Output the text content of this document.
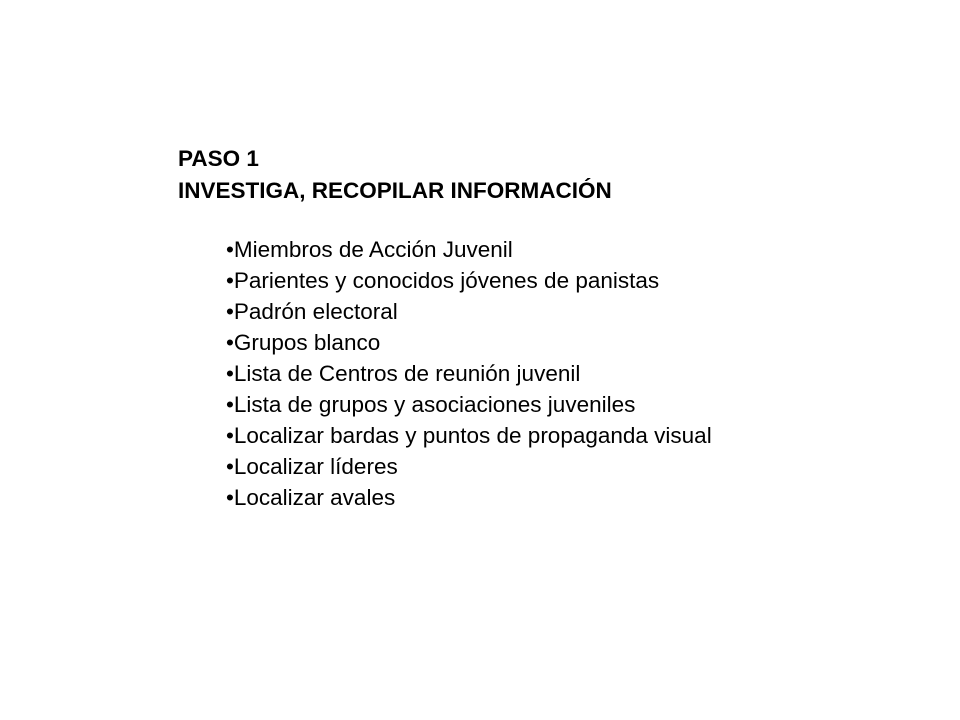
PASO 1
INVESTIGA, RECOPILAR INFORMACIÓN
•Miembros de Acción Juvenil
•Parientes y conocidos jóvenes de panistas
•Padrón electoral
•Grupos blanco
•Lista de Centros de reunión juvenil
•Lista de grupos y asociaciones juveniles
•Localizar bardas y puntos de propaganda visual
•Localizar líderes
•Localizar avales
